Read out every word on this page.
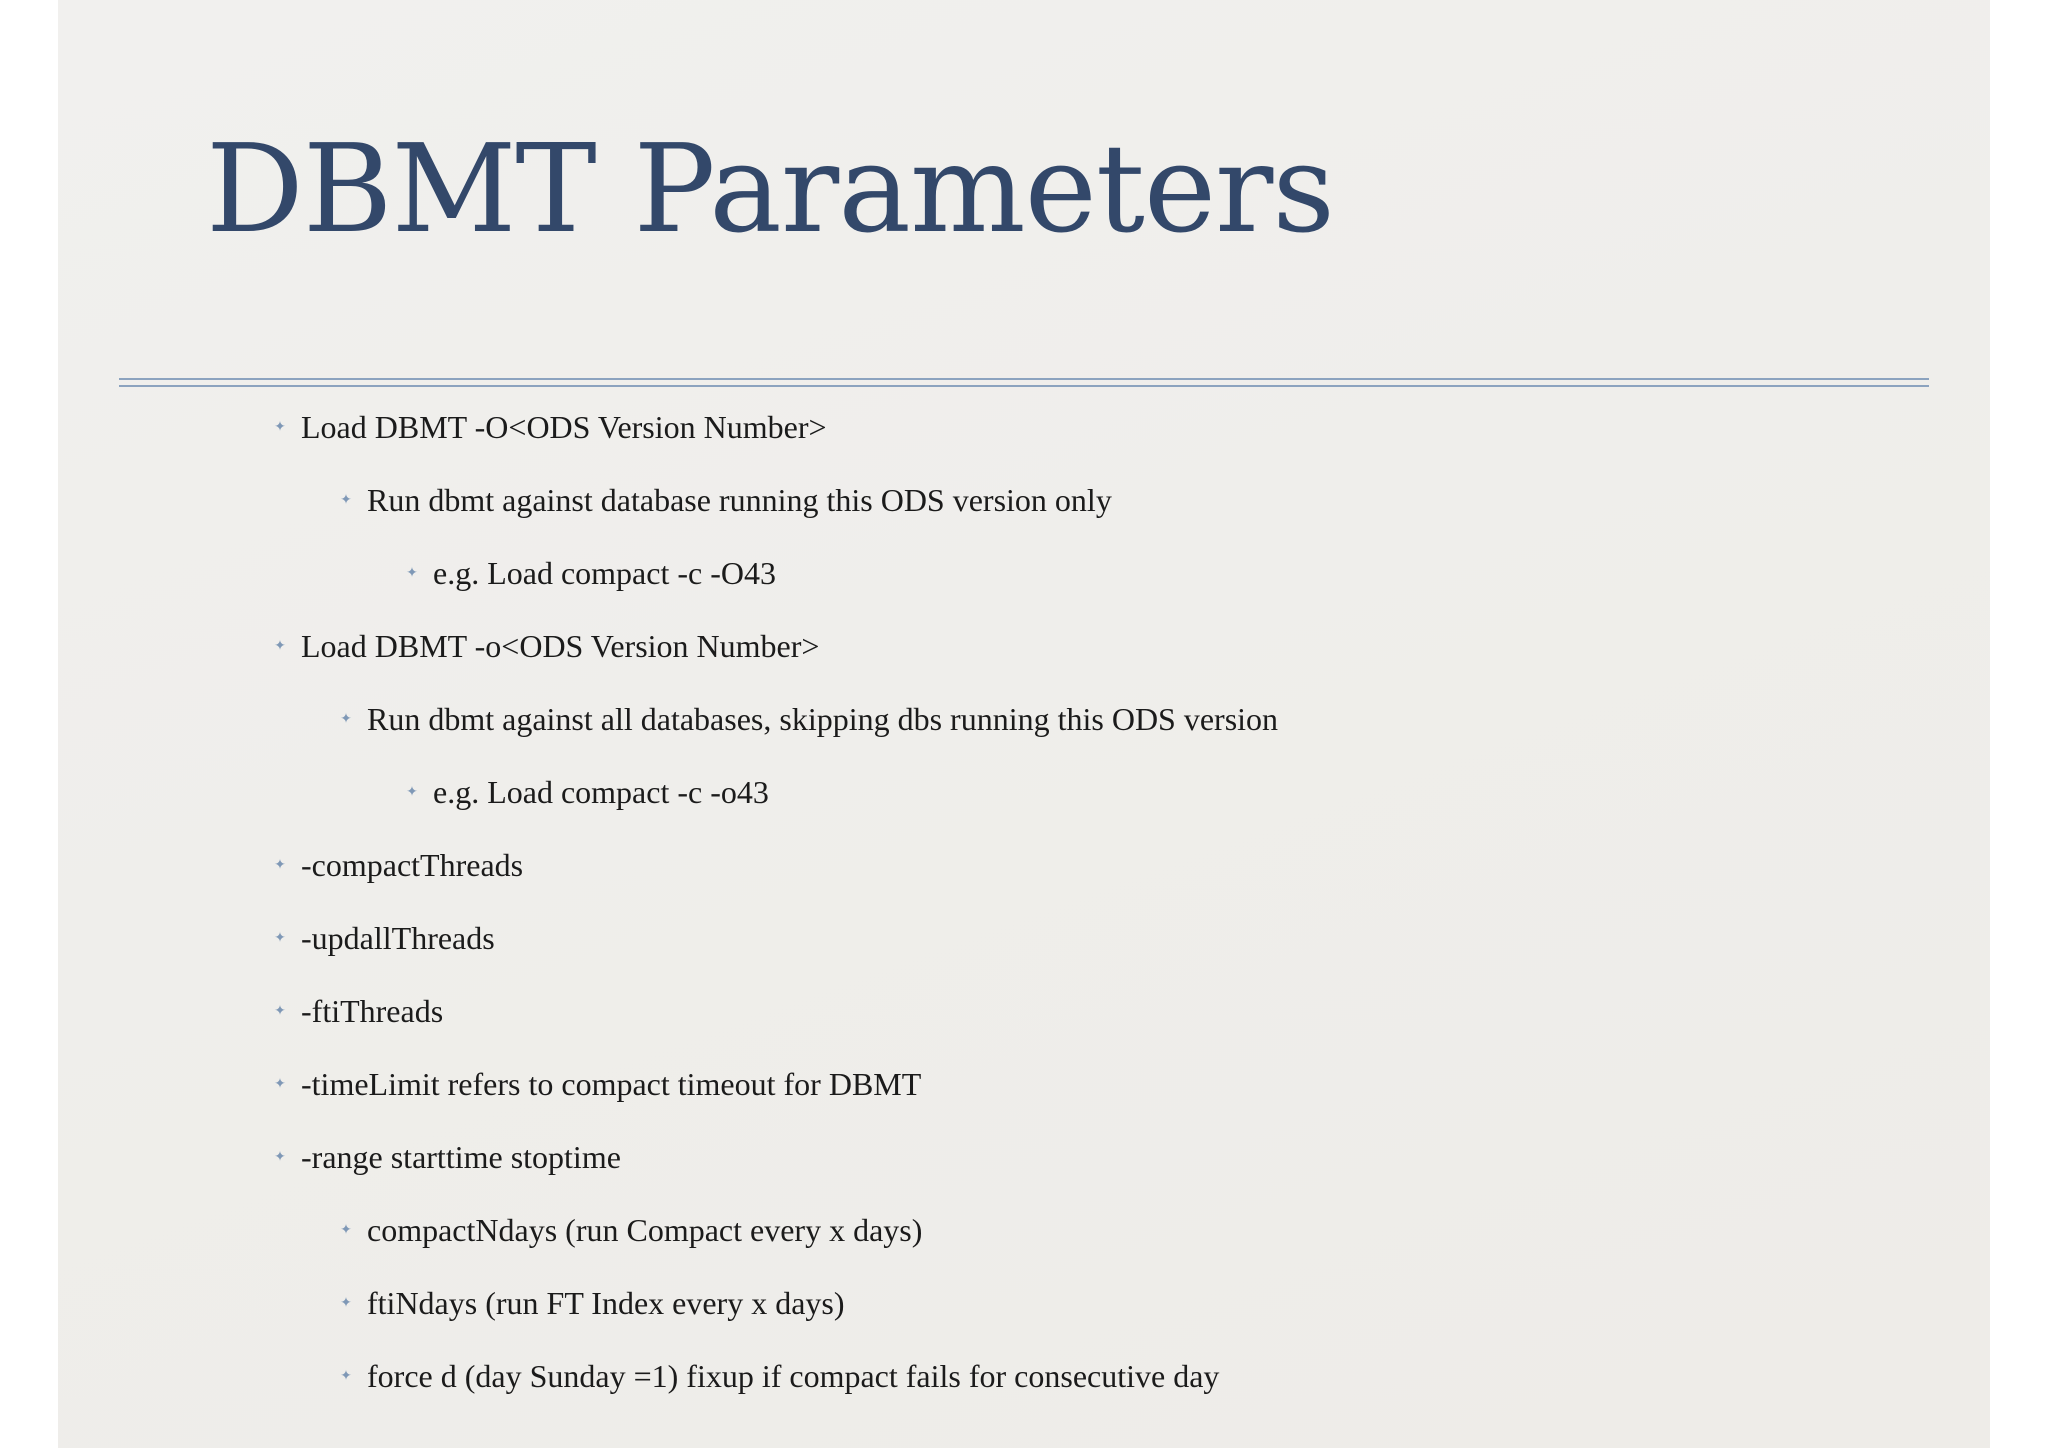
DBMT Parameters
✦ Load DBMT -O<ODS Version Number>
✦ Run dbmt against database running this ODS version only
✦ e.g. Load compact -c -O43
✦ Load DBMT -o<ODS Version Number>
✦ Run dbmt against all databases, skipping dbs running this ODS version
✦ e.g. Load compact -c -o43
✦ -compactThreads
✦ -updallThreads
✦ -ftiThreads
✦ -timeLimit refers to compact timeout for DBMT
✦ -range starttime stoptime
✦ compactNdays (run Compact every x days)
✦ ftiNdays (run FT Index every x days)
✦ force d (day Sunday =1) fixup if compact fails for consecutive day
